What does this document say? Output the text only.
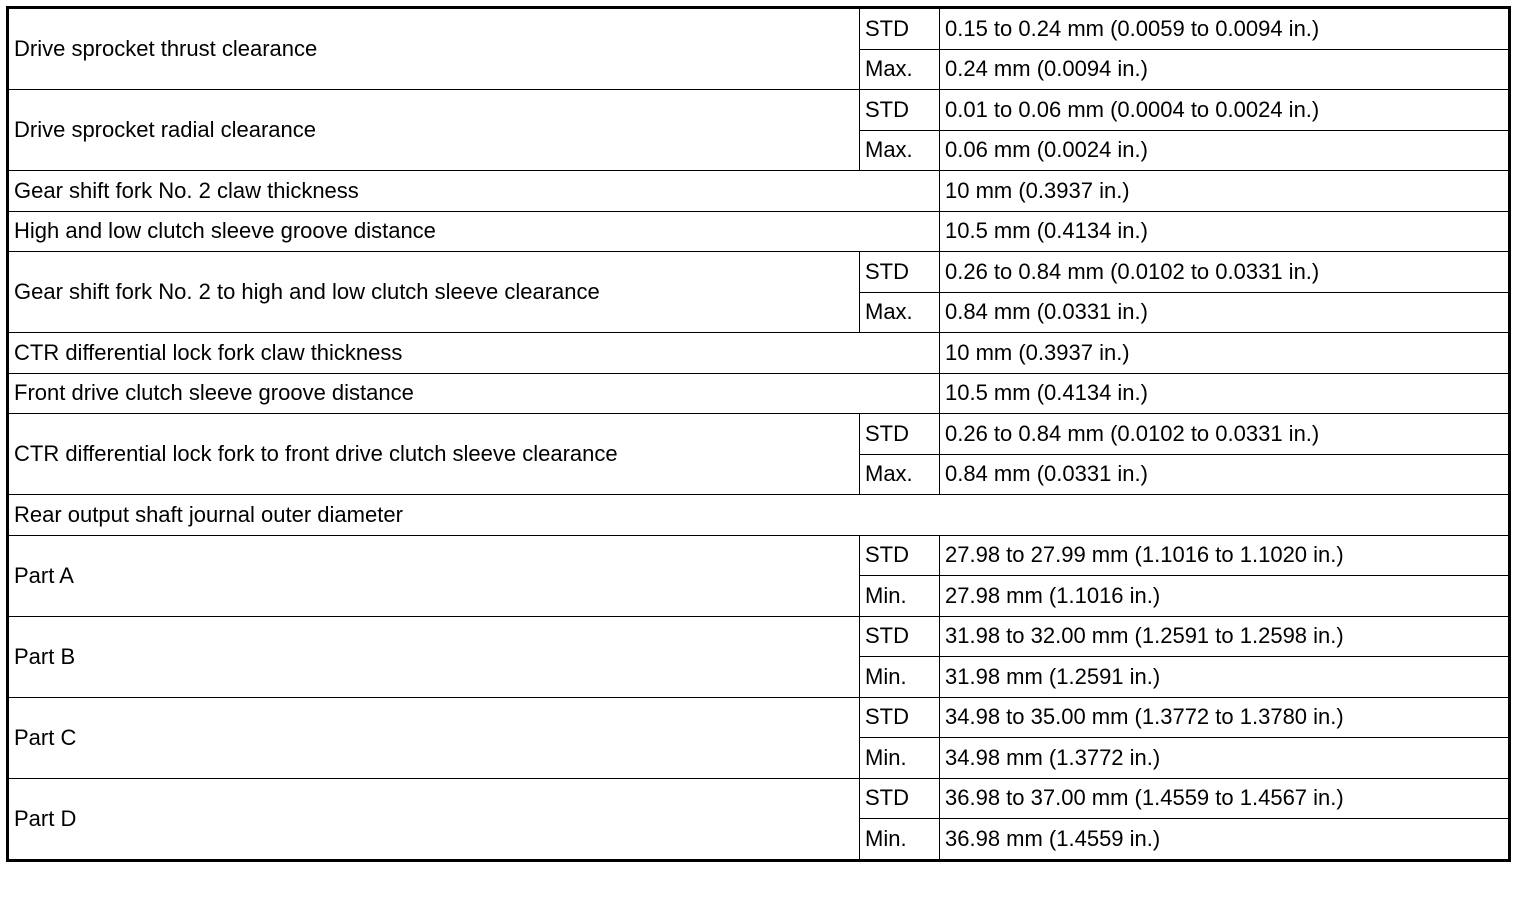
Drive sprocket thrust clearance	STD	0.15 to 0.24 mm (0.0059 to 0.0094 in.)
	Max.	0.24 mm (0.0094 in.)
Drive sprocket radial clearance	STD	0.01 to 0.06 mm (0.0004 to 0.0024 in.)
	Max.	0.06 mm (0.0024 in.)
Gear shift fork No. 2 claw thickness		10 mm (0.3937 in.)
High and low clutch sleeve groove distance		10.5 mm (0.4134 in.)
Gear shift fork No. 2 to high and low clutch sleeve clearance	STD	0.26 to 0.84 mm (0.0102 to 0.0331 in.)
	Max.	0.84 mm (0.0331 in.)
CTR differential lock fork claw thickness		10 mm (0.3937 in.)
Front drive clutch sleeve groove distance		10.5 mm (0.4134 in.)
CTR differential lock fork to front drive clutch sleeve clearance	STD	0.26 to 0.84 mm (0.0102 to 0.0331 in.)
	Max.	0.84 mm (0.0331 in.)
Rear output shaft journal outer diameter		
Part A	STD	27.98 to 27.99 mm (1.1016 to 1.1020 in.)
	Min.	27.98 mm (1.1016 in.)
Part B	STD	31.98 to 32.00 mm (1.2591 to 1.2598 in.)
	Min.	31.98 mm (1.2591 in.)
Part C	STD	34.98 to 35.00 mm (1.3772 to 1.3780 in.)
	Min.	34.98 mm (1.3772 in.)
Part D	STD	36.98 to 37.00 mm (1.4559 to 1.4567 in.)
	Min.	36.98 mm (1.4559 in.)
